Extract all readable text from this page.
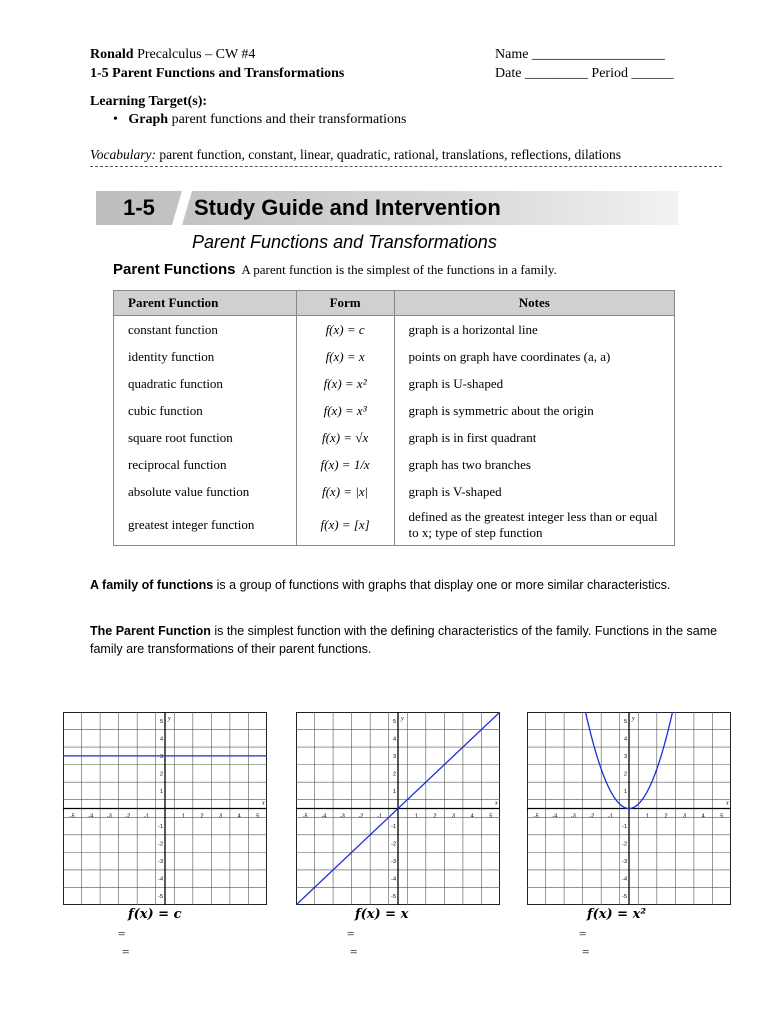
Ronald Precalculus – CW #4
1-5 Parent Functions and Transformations
Name ___________________
Date _________ Period ______
Learning Target(s):
• Graph parent functions and their transformations
Vocabulary: parent function, constant, linear, quadratic, rational, translations, reflections, dilations
1-5	Study Guide and Intervention
Parent Functions and Transformations
Parent Functions A parent function is the simplest of the functions in a family.
Parent Function	Form	Notes
constant function	f(x) = c	graph is a horizontal line
identity function	f(x) = x	points on graph have coordinates (a, a)
quadratic function	f(x) = x²	graph is U-shaped
cubic function	f(x) = x³	graph is symmetric about the origin
square root function	f(x) = √x	graph is in first quadrant
reciprocal function	f(x) = 1/x	graph has two branches
absolute value function	f(x) = |x|	graph is V-shaped
greatest integer function	f(x) = [x]	defined as the greatest integer less than or equal to x; type of step function
A family of functions is a group of functions with graphs that display one or more similar characteristics.
The Parent Function is the simplest function with the defining characteristics of the family. Functions in the same family are transformations of their parent functions.
-5
-5
-4
-4
-3
-3
-2
-2
-1
-1
1
1
2
2
3
3
4
4
5
5
x
y
-5
-5
-4
-4
-3
-3
-2
-2
-1
-1
1
1
2
2
3
3
4
4
5
5
x
y
-5
-5
-4
-4
-3
-3
-2
-2
-1
-1
1
1
2
2
3
3
4
4
5
5
x
y
f(x) = c	f(x) = x	f(x) = x²
=
=
=
=
=
=
